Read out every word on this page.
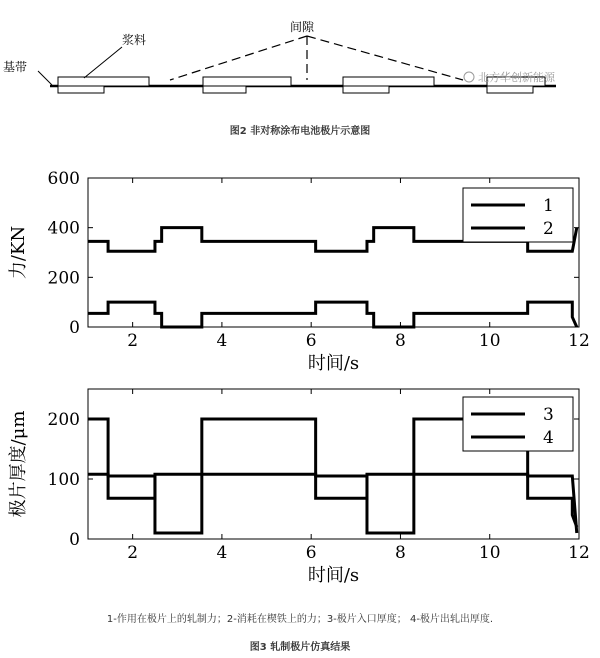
基带
浆料
间隙
北方华创新能源
图2 非对称涂布电池极片示意图
2	4	6	8	10	12
0
200
400
600
时间/s
力/KN
1
2
2	4	6	8	10	12
0
100
200
时间/s
极片厚度/μm	3
4
1-作用在极片上的轧制力；2-消耗在楔铁上的力；3-极片入口厚度； 4-极片出轧出厚度.
图3 轧制极片仿真结果
